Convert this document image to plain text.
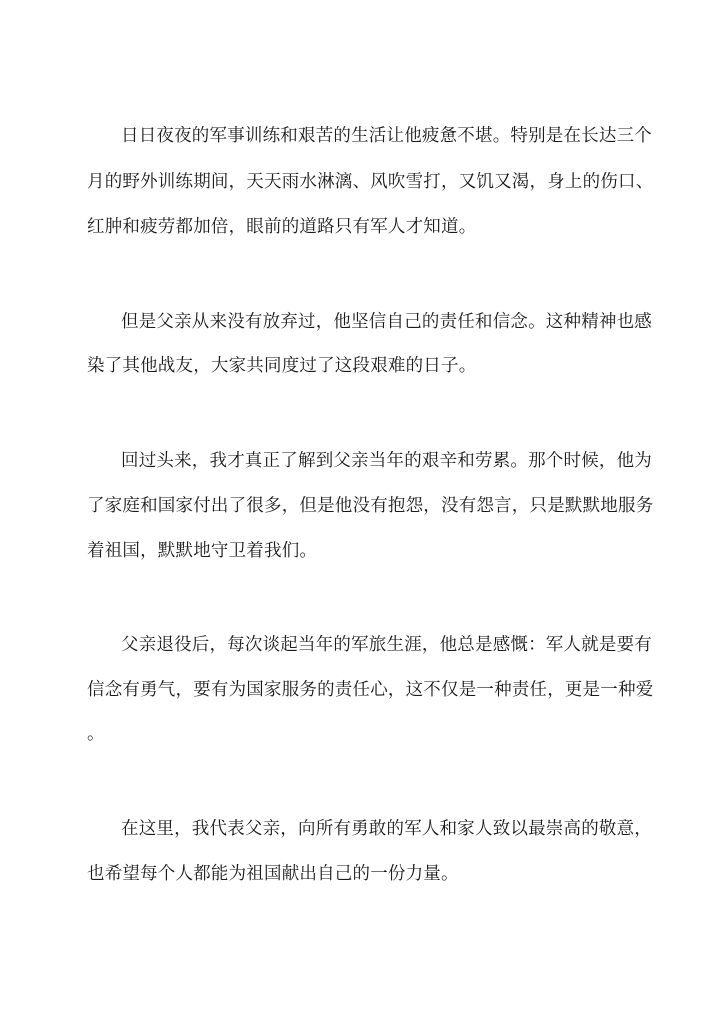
日日夜夜的军事训练和艰苦的生活让他疲惫不堪。特别是在长达三个
月的野外训练期间，天天雨水淋漓、风吹雪打，又饥又渴，身上的伤口、
红肿和疲劳都加倍，眼前的道路只有军人才知道。
但是父亲从来没有放弃过，他坚信自己的责任和信念。这种精神也感
染了其他战友，大家共同度过了这段艰难的日子。
回过头来，我才真正了解到父亲当年的艰辛和劳累。那个时候，他为
了家庭和国家付出了很多，但是他没有抱怨，没有怨言，只是默默地服务
着祖国，默默地守卫着我们。
父亲退役后，每次谈起当年的军旅生涯，他总是感慨：军人就是要有
信念有勇气，要有为国家服务的责任心，这不仅是一种责任，更是一种爱
。
在这里，我代表父亲，向所有勇敢的军人和家人致以最崇高的敬意，
也希望每个人都能为祖国献出自己的一份力量。
